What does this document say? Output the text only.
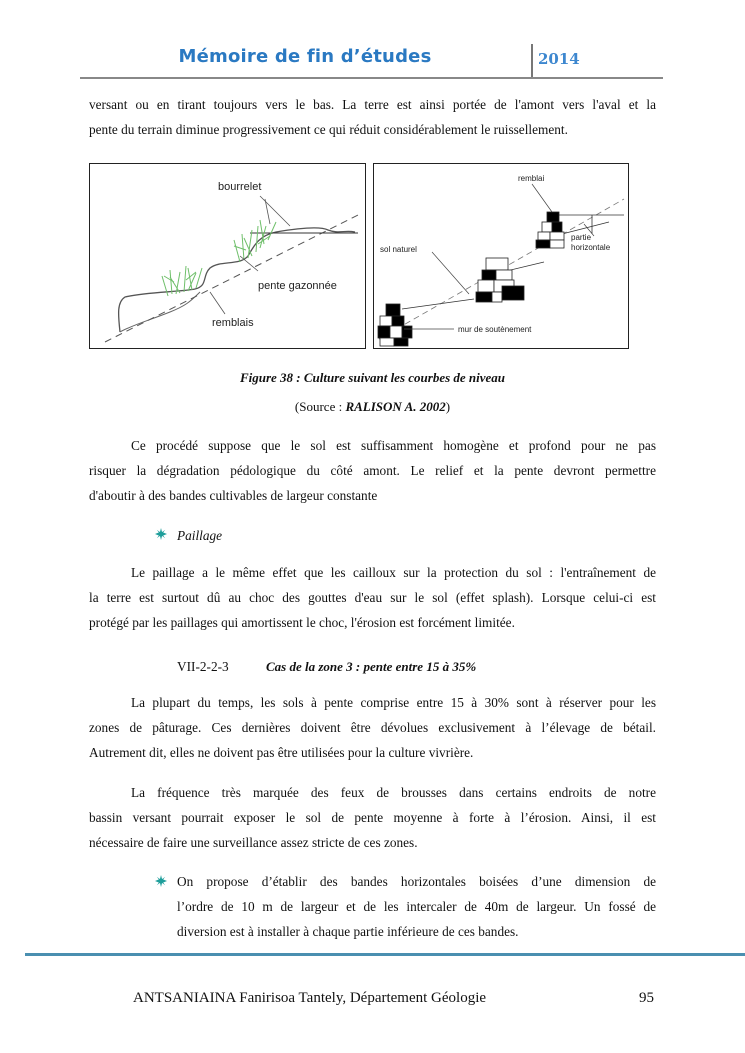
Mémoire de fin d’études	2014
versant ou en tirant toujours vers le bas. La terre est ainsi portée de l'amont vers l'aval et la
pente du terrain diminue progressivement ce qui réduit considérablement le ruissellement.
bourrelet
pente gazonnée
remblais
remblai
partie
horizontale
sol naturel
mur de soutènement
Figure 38 : Culture suivant les courbes de niveau
(Source : RALISON A. 2002)
Ce procédé suppose que le sol est suffisamment homogène et profond pour ne pas
risquer la dégradation pédologique du côté amont. Le relief et la pente devront permettre
d'aboutir à des bandes cultivables de largeur constante
Paillage
Le paillage a le même effet que les cailloux sur la protection du sol : l'entraînement de
la terre est surtout dû au choc des gouttes d'eau sur le sol (effet splash). Lorsque celui-ci est
protégé par les paillages qui amortissent le choc, l'érosion est forcément limitée.
VII-2-2-3	Cas de la zone 3 : pente entre 15 à 35%
La plupart du temps, les sols à pente comprise entre 15 à 30% sont à réserver pour les
zones de pâturage. Ces dernières doivent être dévolues exclusivement à l’élevage de bétail.
Autrement dit, elles ne doivent pas être utilisées pour la culture vivrière.
La fréquence très marquée des feux de brousses dans certains endroits de notre
bassin versant pourrait exposer le sol de pente moyenne à forte à l’érosion. Ainsi, il est
nécessaire de faire une surveillance assez stricte de ces zones.
On propose d’établir des bandes horizontales boisées d’une dimension de
l’ordre de 10 m de largeur et de les intercaler de 40m de largeur. Un fossé de
diversion est à installer à chaque partie inférieure de ces bandes.
ANTSANIAINA Fanirisoa Tantely, Département Géologie	95
